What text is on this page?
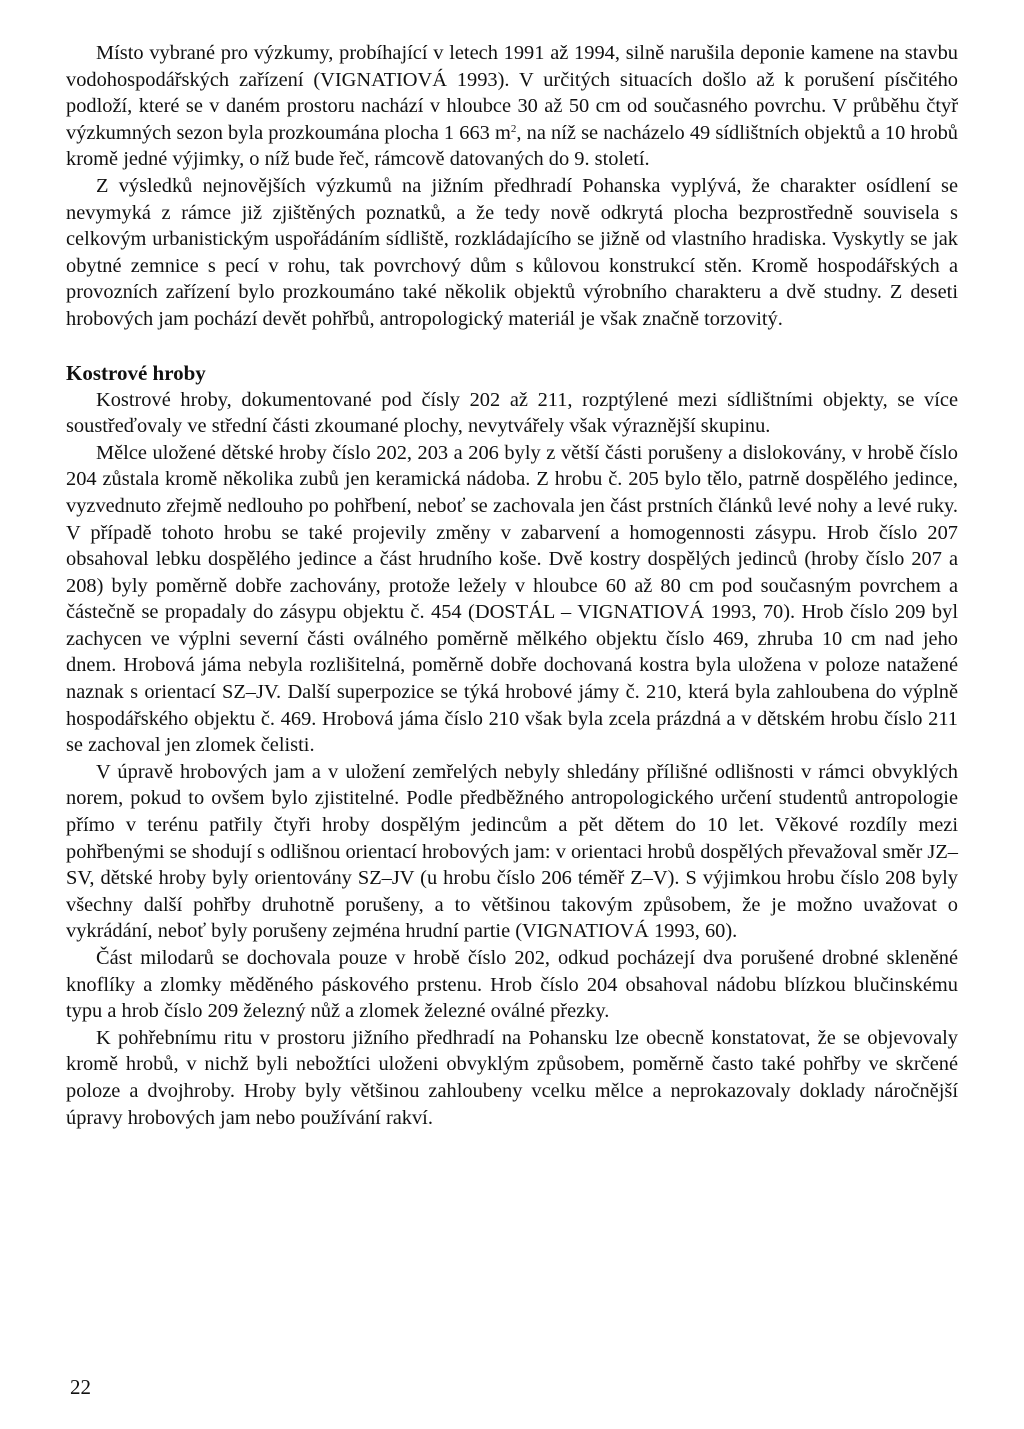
Místo vybrané pro výzkumy, probíhající v letech 1991 až 1994, silně narušila deponie kamene na stavbu vodohospodářských zařízení (VIGNATIOVÁ 1993). V určitých situacích došlo až k porušení písčitého podloží, které se v daném prostoru nachází v hloubce 30 až 50 cm od současného povrchu. V průběhu čtyř výzkumných sezon byla prozkoumána plocha 1 663 $m^2$, na níž se nacházelo 49 sídlištních objektů a 10 hrobů kromě jedné výjimky, o níž bude řeč, rámcově datovaných do 9. století.

Z výsledků nejnovějších výzkumů na jižním předhradí Pohanska vyplývá, že charakter osídlení se nevymyká z rámce již zjištěných poznatků, a že tedy nově odkrytá plocha bezprostředně souvisela s celkovým urbanistickým uspořádáním sídliště, rozkládajícího se jižně od vlastního hradiska. Vyskytly se jak obytné zemnice s pecí v rohu, tak povrchový dům s kůlovou konstrukcí stěn. Kromě hospodářských a provozních zařízení bylo prozkoumáno také několik objektů výrobního charakteru a dvě studny. Z deseti hrobových jam pochází devět pohřbů, antropologický materiál je však značně torzovitý.

Kostrové hroby

Kostrové hroby, dokumentované pod čísly 202 až 211, rozptýlené mezi sídlištními objekty, se více soustřeďovaly ve střední části zkoumané plochy, nevytvářely však výraznější skupinu.

Mělce uložené dětské hroby číslo 202, 203 a 206 byly z větší části porušeny a dislokovány, v hrobě číslo 204 zůstala kromě několika zubů jen keramická nádoba. Z hrobu č. 205 bylo tělo, patrně dospělého jedince, vyzvednuto zřejmě nedlouho po pohřbení, neboť se zachovala jen část prstních článků levé nohy a levé ruky. V případě tohoto hrobu se také projevily změny v zabarvení a homogennosti zásypu. Hrob číslo 207 obsahoval lebku dospělého jedince a část hrudního koše. Dvě kostry dospělých jedinců (hroby číslo 207 a 208) byly poměrně dobře zachovány, protože ležely v hloubce 60 až 80 cm pod současným povrchem a částečně se propadaly do zásypu objektu č. 454 (DOSTÁL – VIGNATIOVÁ 1993, 70). Hrob číslo 209 byl zachycen ve výplni severní části oválného poměrně mělkého objektu číslo 469, zhruba 10 cm nad jeho dnem. Hrobová jáma nebyla rozlišitelná, poměrně dobře dochovaná kostra byla uložena v poloze natažené naznak s orientací SZ–JV. Další superpozice se týká hrobové jámy č. 210, která byla zahloubena do výplně hospodářského objektu č. 469. Hrobová jáma číslo 210 však byla zcela prázdná a v dětském hrobu číslo 211 se zachoval jen zlomek čelisti.

V úpravě hrobových jam a v uložení zemřelých nebyly shledány přílišné odlišnosti v rámci obvyklých norem, pokud to ovšem bylo zjistitelné. Podle předběžného antropologického určení studentů antropologie přímo v terénu patřily čtyři hroby dospělým jedincům a pět dětem do 10 let. Věkové rozdíly mezi pohřbenými se shodují s odlišnou orientací hrobových jam: v orientaci hrobů dospělých převažoval směr JZ–SV, dětské hroby byly orientovány SZ–JV (u hrobu číslo 206 téměř Z–V). S výjimkou hrobu číslo 208 byly všechny další pohřby druhotně porušeny, a to většinou takovým způsobem, že je možno uvažovat o vykrádání, neboť byly porušeny zejména hrudní partie (VIGNATIOVÁ 1993, 60).

Část milodarů se dochovala pouze v hrobě číslo 202, odkud pocházejí dva porušené drobné skleněné knoflíky a zlomky měděného páskového prstenu. Hrob číslo 204 obsahoval nádobu blízkou blučinskému typu a hrob číslo 209 železný nůž a zlomek železné oválné přezky.

K pohřebnímu ritu v prostoru jižního předhradí na Pohansku lze obecně konstatovat, že se objevovaly kromě hrobů, v nichž byli nebožtíci uloženi obvyklým způsobem, poměrně často také pohřby ve skrčené poloze a dvojhroby. Hroby byly většinou zahloubeny vcelku mělce a neprokazovaly doklady náročnější úpravy hrobových jam nebo používání rakví.

22
